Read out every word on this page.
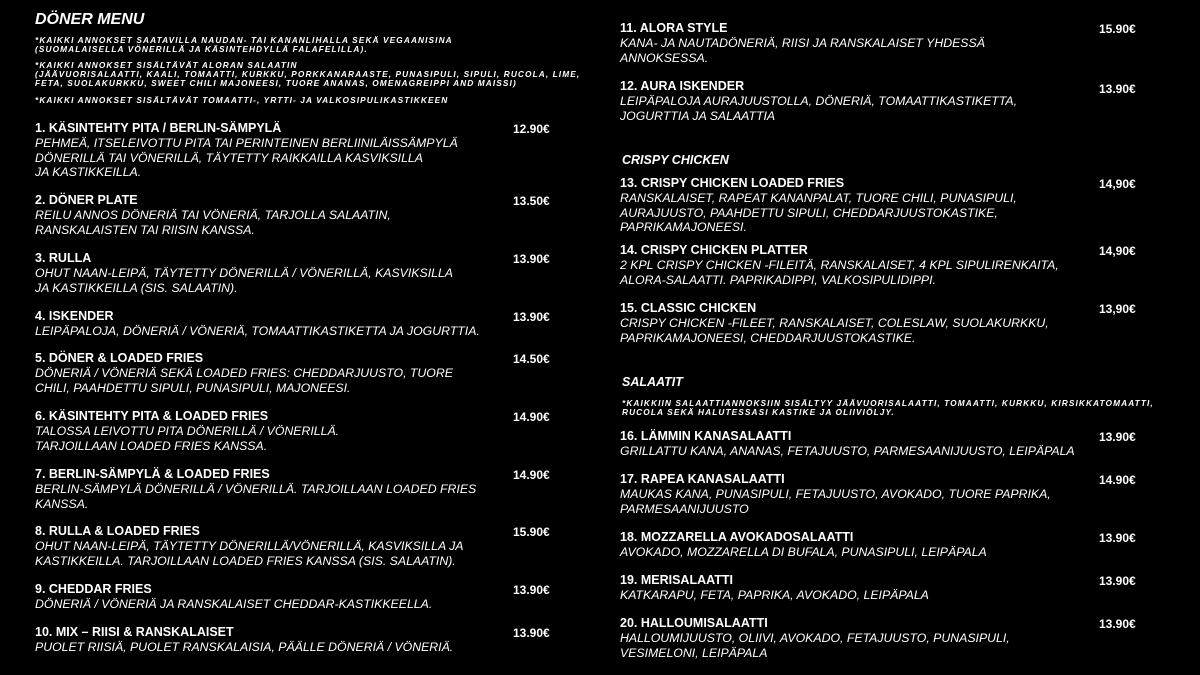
DÖNER MENU
*KAIKKI ANNOKSET SAATAVILLA NAUDAN- TAI KANANLIHALLA SEKÄ VEGAANISINA
(SUOMALAISELLA VÖNERILLÄ JA KÄSINTEHDYLLÄ FALAFELILLA).
*KAIKKI ANNOKSET SISÄLTÄVÄT ALORAN SALAATIN
(JÄÄVUORISALAATTI, KAALI, TOMAATTI, KURKKU, PORKKANARAASTE, PUNASIPULI, SIPULI, RUCOLA, LIME,
FETA, SUOLAKURKKU, SWEET CHILI MAJONEESI, TUORE ANANAS, OMENAGREIPPI AND MAISSI)
*KAIKKI ANNOKSET SISÄLTÄVÄT TOMAATTI-, YRTTI- JA VALKOSIPULIKASTIKKEEN
CRISPY CHICKEN
SALAATIT
*KAIKKIIN SALAATTIANNOKSIIN SISÄLTYY JÄÄVUORISALAATTI, TOMAATTI, KURKKU, KIRSIKKATOMAATTI,
RUCOLA SEKÄ HALUTESSASI KASTIKE JA OLIIVIÖLJY.
1. KÄSINTEHTY PITA / BERLIN-SÄMPYLÄ
PEHMEÄ, ITSELEIVOTTU PITA TAI PERINTEINEN BERLIINILÄISSÄMPYLÄ
DÖNERILLÄ TAI VÖNERILLÄ, TÄYTETTY RAIKKAILLA KASVIKSILLA
JA KASTIKKEILLA.
12.90€
2. DÖNER PLATE
REILU ANNOS DÖNERIÄ TAI VÖNERIÄ, TARJOLLA SALAATIN,
RANSKALAISTEN TAI RIISIN KANSSA.
13.50€
3. RULLA
OHUT NAAN-LEIPÄ, TÄYTETTY DÖNERILLÄ / VÖNERILLÄ, KASVIKSILLA
JA KASTIKKEILLA (SIS. SALAATIN).
13.90€
4. ISKENDER
LEIPÄPALOJA, DÖNERIÄ / VÖNERIÄ, TOMAATTIKASTIKETTA JA JOGURTTIA.
13.90€
5. DÖNER & LOADED FRIES
DÖNERIÄ / VÖNERIÄ SEKÄ LOADED FRIES: CHEDDARJUUSTO, TUORE
CHILI, PAAHDETTU SIPULI, PUNASIPULI, MAJONEESI.
14.50€
6. KÄSINTEHTY PITA & LOADED FRIES
TALOSSA LEIVOTTU PITA DÖNERILLÄ / VÖNERILLÄ.
TARJOILLAAN LOADED FRIES KANSSA.
14.90€
7. BERLIN-SÄMPYLÄ & LOADED FRIES
BERLIN-SÄMPYLÄ DÖNERILLÄ / VÖNERILLÄ. TARJOILLAAN LOADED FRIES
KANSSA.
14.90€
8. RULLA & LOADED FRIES
OHUT NAAN-LEIPÄ, TÄYTETTY DÖNERILLÄ/VÖNERILLÄ, KASVIKSILLA JA
KASTIKKEILLA. TARJOILLAAN LOADED FRIES KANSSA (SIS. SALAATIN).
15.90€
9. CHEDDAR FRIES
DÖNERIÄ / VÖNERIÄ JA RANSKALAISET CHEDDAR-KASTIKKEELLA.
13.90€
10. MIX – RIISI & RANSKALAISET
PUOLET RIISIÄ, PUOLET RANSKALAISIA, PÄÄLLE DÖNERIÄ / VÖNERIÄ.
13.90€
11. ALORA STYLE
KANA- JA NAUTADÖNERIÄ, RIISI JA RANSKALAISET YHDESSÄ
ANNOKSESSA.
15.90€
12. AURA ISKENDER
LEIPÄPALOJA AURAJUUSTOLLA, DÖNERIÄ, TOMAATTIKASTIKETTA,
JOGURTTIA JA SALAATTIA
13.90€
13. CRISPY CHICKEN LOADED FRIES
RANSKALAISET, RAPEAT KANANPALAT, TUORE CHILI, PUNASIPULI,
AURAJUUSTO, PAAHDETTU SIPULI, CHEDDARJUUSTOKASTIKE,
PAPRIKAMAJONEESI.
14,90€
14. CRISPY CHICKEN PLATTER
2 KPL CRISPY CHICKEN -FILEITÄ, RANSKALAISET, 4 KPL SIPULIRENKAITA,
ALORA-SALAATTI. PAPRIKADIPPI, VALKOSIPULIDIPPI.
14,90€
15. CLASSIC CHICKEN
CRISPY CHICKEN -FILEET, RANSKALAISET, COLESLAW, SUOLAKURKKU,
PAPRIKAMAJONEESI, CHEDDARJUUSTOKASTIKE.
13,90€
16. LÄMMIN KANASALAATTI
GRILLATTU KANA, ANANAS, FETAJUUSTO, PARMESAANIJUUSTO, LEIPÄPALA
13.90€
17. RAPEA KANASALAATTI
MAUKAS KANA, PUNASIPULI, FETAJUUSTO, AVOKADO, TUORE PAPRIKA,
PARMESAANIJUUSTO
14.90€
18. MOZZARELLA AVOKADOSALAATTI
AVOKADO, MOZZARELLA DI BUFALA, PUNASIPULI, LEIPÄPALA
13.90€
19. MERISALAATTI
KATKARAPU, FETA, PAPRIKA, AVOKADO, LEIPÄPALA
13.90€
20. HALLOUMISALAATTI
HALLOUMIJUUSTO, OLIIVI, AVOKADO, FETAJUUSTO, PUNASIPULI,
VESIMELONI, LEIPÄPALA
13.90€
